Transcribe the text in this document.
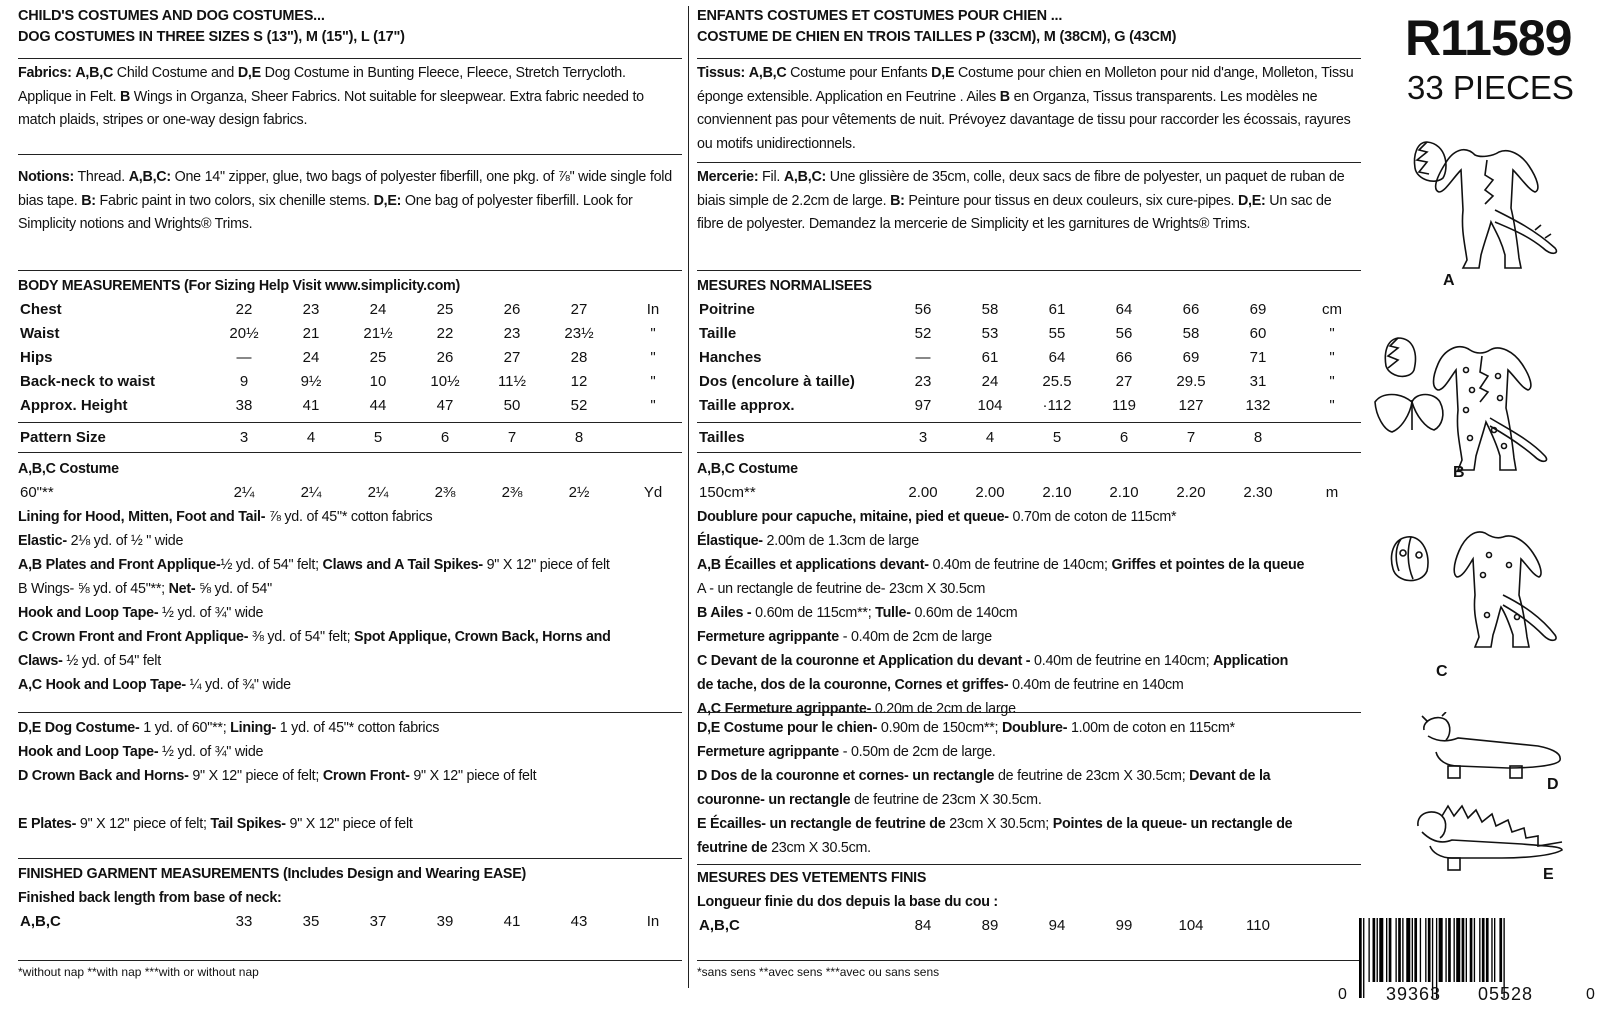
CHILD'S COSTUMES AND DOG COSTUMES...
DOG COSTUMES IN THREE SIZES S (13"), M (15"), L (17")
Fabrics: A,B,C Child Costume and D,E Dog Costume in Bunting Fleece, Fleece, Stretch Terrycloth. Applique in Felt. B Wings in Organza, Sheer Fabrics. Not suitable for sleepwear. Extra fabric needed to match plaids, stripes or one-way design fabrics.
Notions: Thread. A,B,C: One 14" zipper, glue, two bags of polyester fiberfill, one pkg. of ⅞" wide single fold bias tape. B: Fabric paint in two colors, six chenille stems. D,E: One bag of polyester fiberfill. Look for Simplicity notions and Wrights® Trims.
BODY MEASUREMENTS (For Sizing Help Visit www.simplicity.com)
Chest	22	23	24	25	26	27	In
Waist	20½	21	21½	22	23	23½	"
Hips	—	24	25	26	27	28	"
Back-neck to waist	9	9½	10	10½	11½	12	"
Approx. Height	38	41	44	47	50	52	"
Pattern Size	3	4	5	6	7	8
A,B,C Costume
60"**	2¼	2¼	2¼	2⅜	2⅜	2½	Yd
Lining for Hood, Mitten, Foot and Tail- ⅞ yd. of 45"* cotton fabrics
Elastic- 2⅛ yd. of ½ " wide
A,B Plates and Front Applique-½ yd. of 54" felt; Claws and A Tail Spikes- 9" X 12" piece of felt
B Wings- ⅝ yd. of 45"**; Net- ⅝ yd. of 54"
Hook and Loop Tape- ½ yd. of ¾" wide
C Crown Front and Front Applique- ⅜ yd. of 54" felt; Spot Applique, Crown Back, Horns and
Claws- ½ yd. of 54" felt
A,C Hook and Loop Tape- ¼ yd. of ¾" wide
D,E Dog Costume- 1 yd. of 60"**; Lining- 1 yd. of 45"* cotton fabrics
Hook and Loop Tape- ½ yd. of ¾" wide
D Crown Back and Horns- 9" X 12" piece of felt; Crown Front- 9" X 12" piece of felt

E Plates- 9" X 12" piece of felt; Tail Spikes- 9" X 12" piece of felt
FINISHED GARMENT MEASUREMENTS (Includes Design and Wearing EASE)
Finished back length from base of neck:
A,B,C	33	35	37	39	41	43	In
*without nap **with nap ***with or without nap
ENFANTS COSTUMES ET COSTUMES POUR CHIEN ...
COSTUME DE CHIEN EN TROIS TAILLES P (33CM), M (38CM), G (43CM)
Tissus: A,B,C Costume pour Enfants D,E Costume pour chien en Molleton pour nid d'ange, Molleton, Tissu éponge extensible. Application en Feutrine . Ailes B en Organza, Tissus transparents. Les modèles ne conviennent pas pour vêtements de nuit. Prévoyez davantage de tissu pour raccorder les écossais, rayures ou motifs unidirectionnels.
Mercerie: Fil. A,B,C: Une glissière de 35cm, colle, deux sacs de fibre de polyester, un paquet de ruban de biais simple de 2.2cm de large. B: Peinture pour tissus en deux couleurs, six cure-pipes. D,E: Un sac de fibre de polyester. Demandez la mercerie de Simplicity et les garnitures de Wrights® Trims.
MESURES NORMALISEES
Poitrine	56	58	61	64	66	69	cm
Taille	52	53	55	56	58	60	"
Hanches	—	61	64	66	69	71	"
Dos (encolure à taille)	23	24	25.5	27	29.5	31	"
Taille approx.	97	104	·112	119	127	132	"
Tailles	3	4	5	6	7	8
A,B,C Costume
150cm**	2.00	2.00	2.10	2.10	2.20	2.30	m
Doublure pour capuche, mitaine, pied et queue- 0.70m de coton de 115cm*
Élastique- 2.00m de 1.3cm de large
A,B Écailles et applications devant- 0.40m de feutrine de 140cm; Griffes et pointes de la queue
A - un rectangle de feutrine de- 23cm X 30.5cm
B Ailes - 0.60m de 115cm**; Tulle- 0.60m de 140cm
Fermeture agrippante - 0.40m de 2cm de large
C Devant de la couronne et Application du devant - 0.40m de feutrine en 140cm; Application
de tache, dos de la couronne, Cornes et griffes- 0.40m de feutrine en 140cm
A,C Fermeture agrippante- 0.20m de 2cm de large
D,E Costume pour le chien- 0.90m de 150cm**; Doublure- 1.00m de coton en 115cm*
Fermeture agrippante - 0.50m de 2cm de large.
D Dos de la couronne et cornes- un rectangle de feutrine de 23cm X 30.5cm; Devant de la
couronne- un rectangle de feutrine de 23cm X 30.5cm.
E Écailles- un rectangle de feutrine de 23cm X 30.5cm; Pointes de la queue- un rectangle de
feutrine de 23cm X 30.5cm.
MESURES DES VETEMENTS FINIS
Longueur finie du dos depuis la base du cou :
A,B,C	84	89	94	99	104	110
*sans sens **avec sens ***avec ou sans sens
R11589
33 PIECES
A
B
C
D
E
0 39363 05528	0
